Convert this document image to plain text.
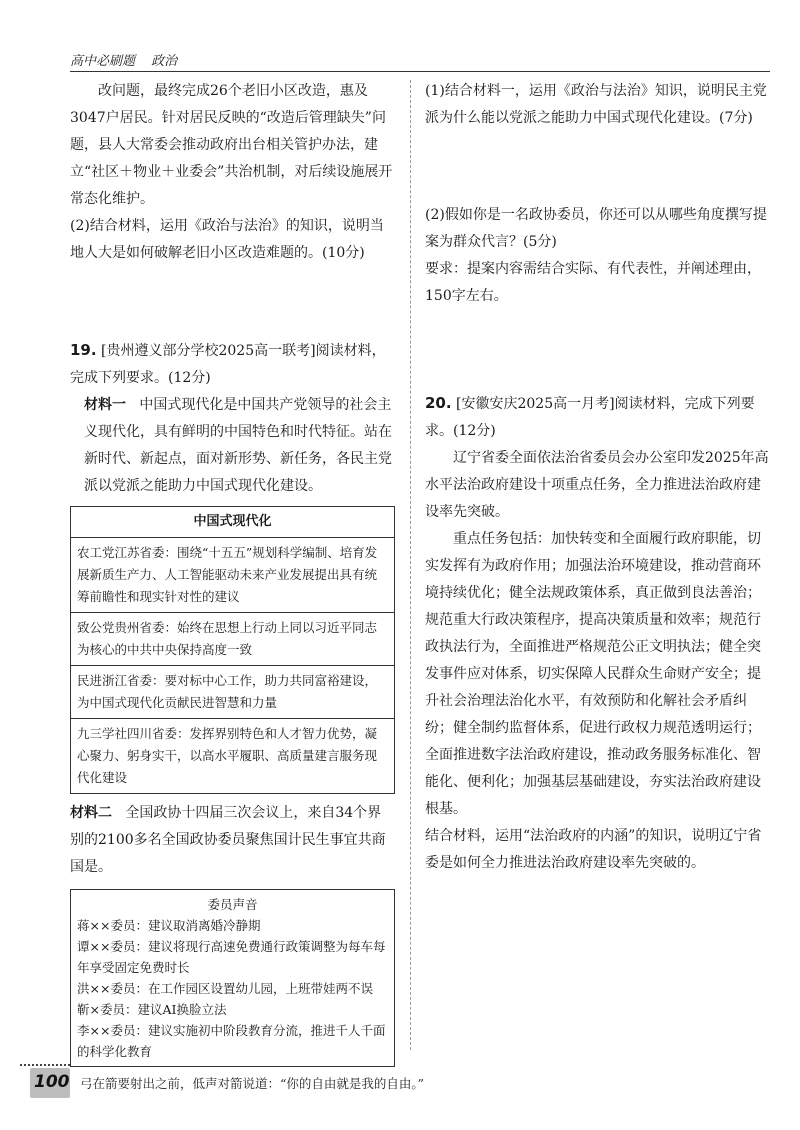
高中必刷题 政治

改问题，最终完成26个老旧小区改造，惠及3047户居民。针对居民反映的“改造后管理缺失”问题，县人大常委会推动政府出台相关管护办法，建立“社区＋物业＋业委会”共治机制，对后续设施展开常态化维护。

(2)结合材料，运用《政治与法治》的知识，说明当地人大是如何破解老旧小区改造难题的。(10分)

19. [贵州遵义部分学校2025高一联考]阅读材料，完成下列要求。(12分)

材料一 中国式现代化是中国共产党领导的社会主义现代化，具有鲜明的中国特色和时代特征。站在新时代、新起点，面对新形势、新任务，各民主党派以党派之能助力中国式现代化建设。

中国式现代化
农工党江苏省委：围绕“十五五”规划科学编制、培育发展新质生产力、人工智能驱动未来产业发展提出具有统筹前瞻性和现实针对性的建议
致公党贵州省委：始终在思想上行动上同以习近平同志为核心的中共中央保持高度一致
民进浙江省委：要对标中心工作，助力共同富裕建设，为中国式现代化贡献民进智慧和力量
九三学社四川省委：发挥界别特色和人才智力优势，凝心聚力、躬身实干，以高水平履职、高质量建言服务现代化建设

材料二 全国政协十四届三次会议上，来自34个界别的2100多名全国政协委员聚焦国计民生事宜共商国是。

委员声音
蒋××委员：建议取消离婚冷静期
谭××委员：建议将现行高速免费通行政策调整为每车每年享受固定免费时长
洪××委员：在工作园区设置幼儿园，上班带娃两不误
靳×委员：建议AI换脸立法
李××委员：建议实施初中阶段教育分流，推进千人千面的科学化教育

(1)结合材料一，运用《政治与法治》知识，说明民主党派为什么能以党派之能助力中国式现代化建设。(7分)

(2)假如你是一名政协委员，你还可以从哪些角度撰写提案为群众代言？(5分)

要求：提案内容需结合实际、有代表性，并阐述理由，150字左右。

20. [安徽安庆2025高一月考]阅读材料，完成下列要求。(12分)

辽宁省委全面依法治省委员会办公室印发2025年高水平法治政府建设十项重点任务，全力推进法治政府建设率先突破。

重点任务包括：加快转变和全面履行政府职能，切实发挥有为政府作用；加强法治环境建设，推动营商环境持续优化；健全法规政策体系，真正做到良法善治；规范重大行政决策程序，提高决策质量和效率；规范行政执法行为，全面推进严格规范公正文明执法；健全突发事件应对体系，切实保障人民群众生命财产安全；提升社会治理法治化水平，有效预防和化解社会矛盾纠纷；健全制约监督体系，促进行政权力规范透明运行；全面推进数字法治政府建设，推动政务服务标准化、智能化、便利化；加强基层基础建设，夯实法治政府建设根基。

结合材料，运用“法治政府的内涵”的知识，说明辽宁省委是如何全力推进法治政府建设率先突破的。

100 弓在箭要射出之前，低声对箭说道：“你的自由就是我的自由。”
